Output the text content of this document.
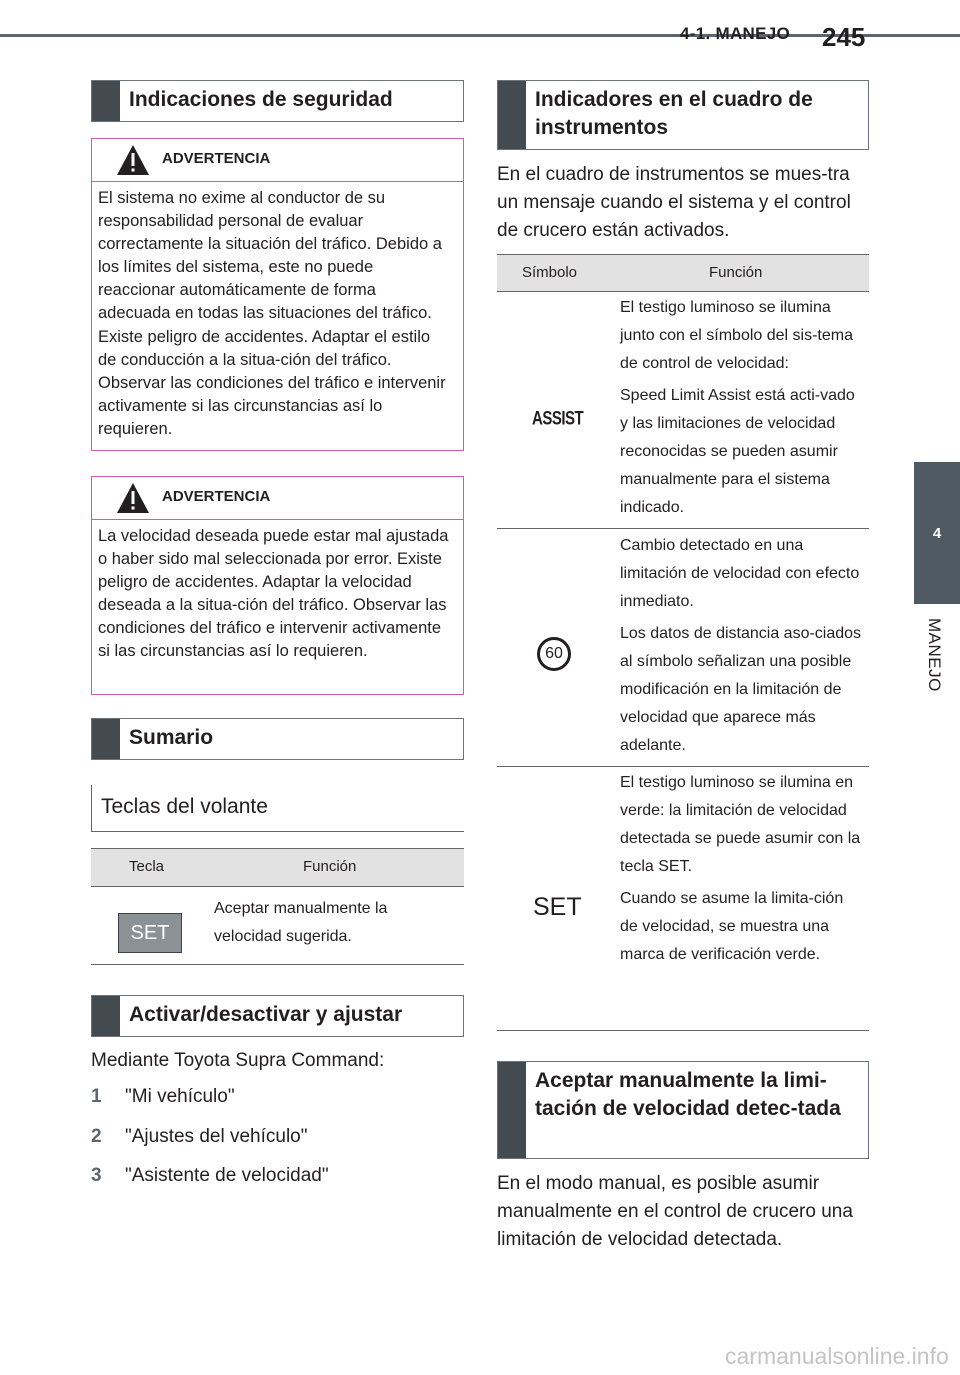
4-1. MANEJO 245
4
MANEJO
Indicaciones de seguridad
ADVERTENCIA
El sistema no exime al conductor de su responsabilidad personal de evaluar correctamente la situación del tráfico. Debido a los límites del sistema, este no puede reaccionar automáticamente de forma adecuada en todas las situaciones del tráfico. Existe peligro de accidentes. Adaptar el estilo de conducción a la situa-ción del tráfico. Observar las condiciones del tráfico e intervenir activamente si las circunstancias así lo requieren.
ADVERTENCIA
La velocidad deseada puede estar mal ajustada o haber sido mal seleccionada por error. Existe peligro de accidentes. Adaptar la velocidad deseada a la situa-ción del tráfico. Observar las condiciones del tráfico e intervenir activamente si las circunstancias así lo requieren.
Sumario
Teclas del volante
Tecla	Función
SET
Aceptar manualmente la velocidad sugerida.
Activar/desactivar y ajustar
Mediante Toyota Supra Command:
1 "Mi vehículo"
2 "Ajustes del vehículo"
3 "Asistente de velocidad"
Indicadores en el cuadro de instrumentos
En el cuadro de instrumentos se mues-tra un mensaje cuando el sistema y el control de crucero están activados.
Símbolo	Función
ASSIST

El testigo luminoso se ilumina junto con el símbolo del sis-tema de control de velocidad:

Speed Limit Assist está acti-vado y las limitaciones de velocidad reconocidas se pueden asumir manualmente para el sistema indicado.

60

Cambio detectado en una limitación de velocidad con efecto inmediato.

Los datos de distancia aso-ciados al símbolo señalizan una posible modificación en la limitación de velocidad que aparece más adelante.

SET

El testigo luminoso se ilumina en verde: la limitación de velocidad detectada se puede asumir con la tecla SET.

Cuando se asume la limita-ción de velocidad, se muestra una marca de verificación verde.

Aceptar manualmente la limi-tación de velocidad detec-tada
En el modo manual, es posible asumir manualmente en el control de crucero una limitación de velocidad detectada.
carmanualsonline.info
